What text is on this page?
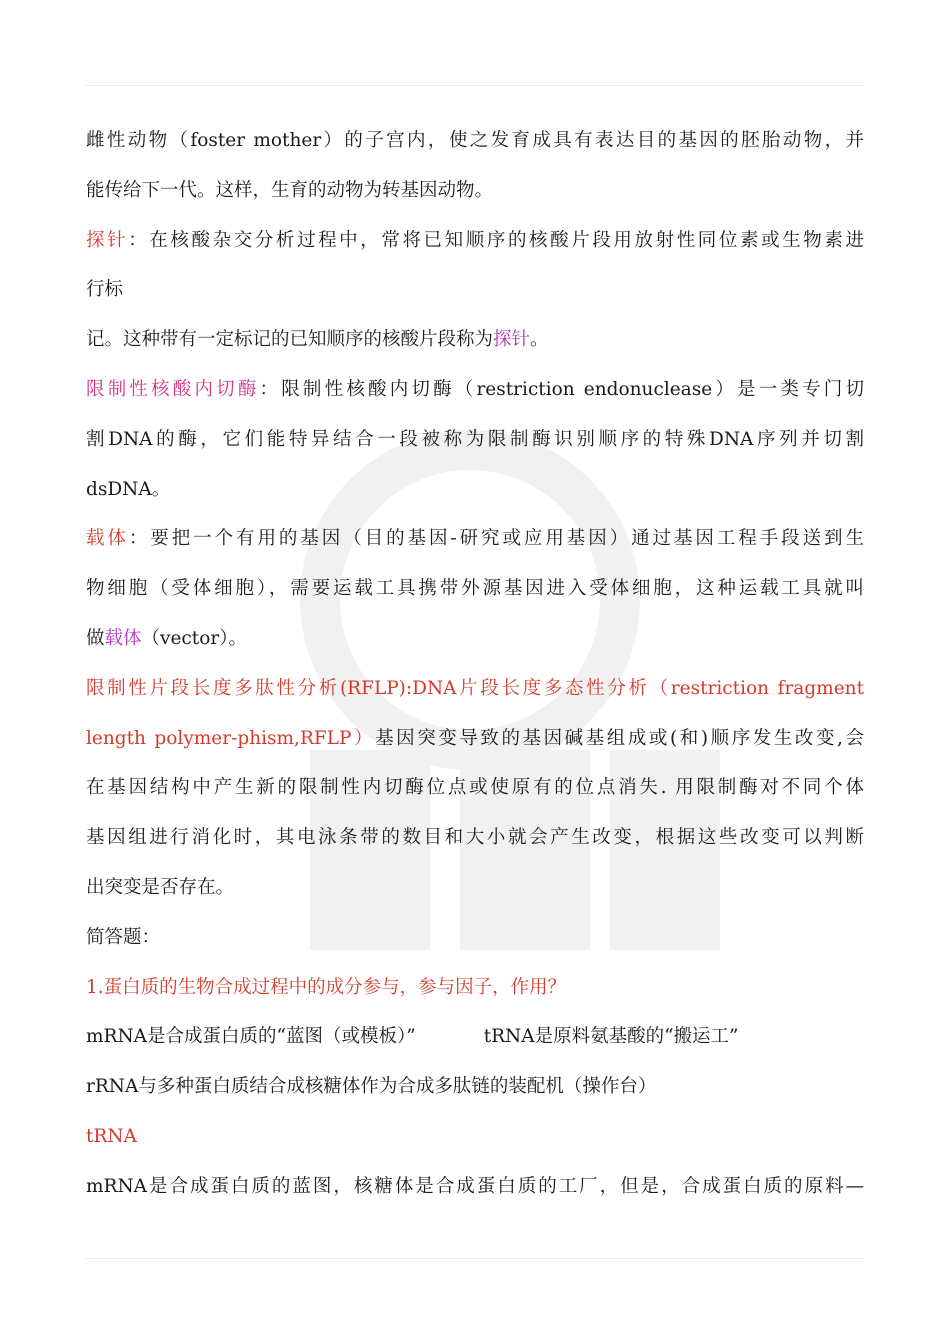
雌性动物（foster mother）的子宫内，使之发育成具有表达目的基因的胚胎动物，并
能传给下一代。这样，生育的动物为转基因动物。
探针：在核酸杂交分析过程中，常将已知顺序的核酸片段用放射性同位素或生物素进
行标
记。这种带有一定标记的已知顺序的核酸片段称为探针。
限制性核酸内切酶：限制性核酸内切酶（restriction endonuclease）是一类专门切
割DNA的酶，它们能特异结合一段被称为限制酶识别顺序的特殊DNA序列并切割
dsDNA。
载体：要把一个有用的基因（目的基因-研究或应用基因）通过基因工程手段送到生
物细胞（受体细胞），需要运载工具携带外源基因进入受体细胞，这种运载工具就叫
做载体（vector）。
限制性片段长度多肽性分析(RFLP):DNA片段长度多态性分析（restriction fragment
length polymer-phism,RFLP）基因突变导致的基因碱基组成或(和)顺序发生改变,会
在基因结构中产生新的限制性内切酶位点或使原有的位点消失. 用限制酶对不同个体
基因组进行消化时，其电泳条带的数目和大小就会产生改变，根据这些改变可以判断
出突变是否存在。
简答题：
1.蛋白质的生物合成过程中的成分参与，参与因子，作用？
mRNA是合成蛋白质的“蓝图（或模板）”	tRNA是原料氨基酸的“搬运工”
rRNA与多种蛋白质结合成核糖体作为合成多肽链的装配机（操作台）
tRNA
mRNA是合成蛋白质的蓝图，核糖体是合成蛋白质的工厂，但是，合成蛋白质的原料—
